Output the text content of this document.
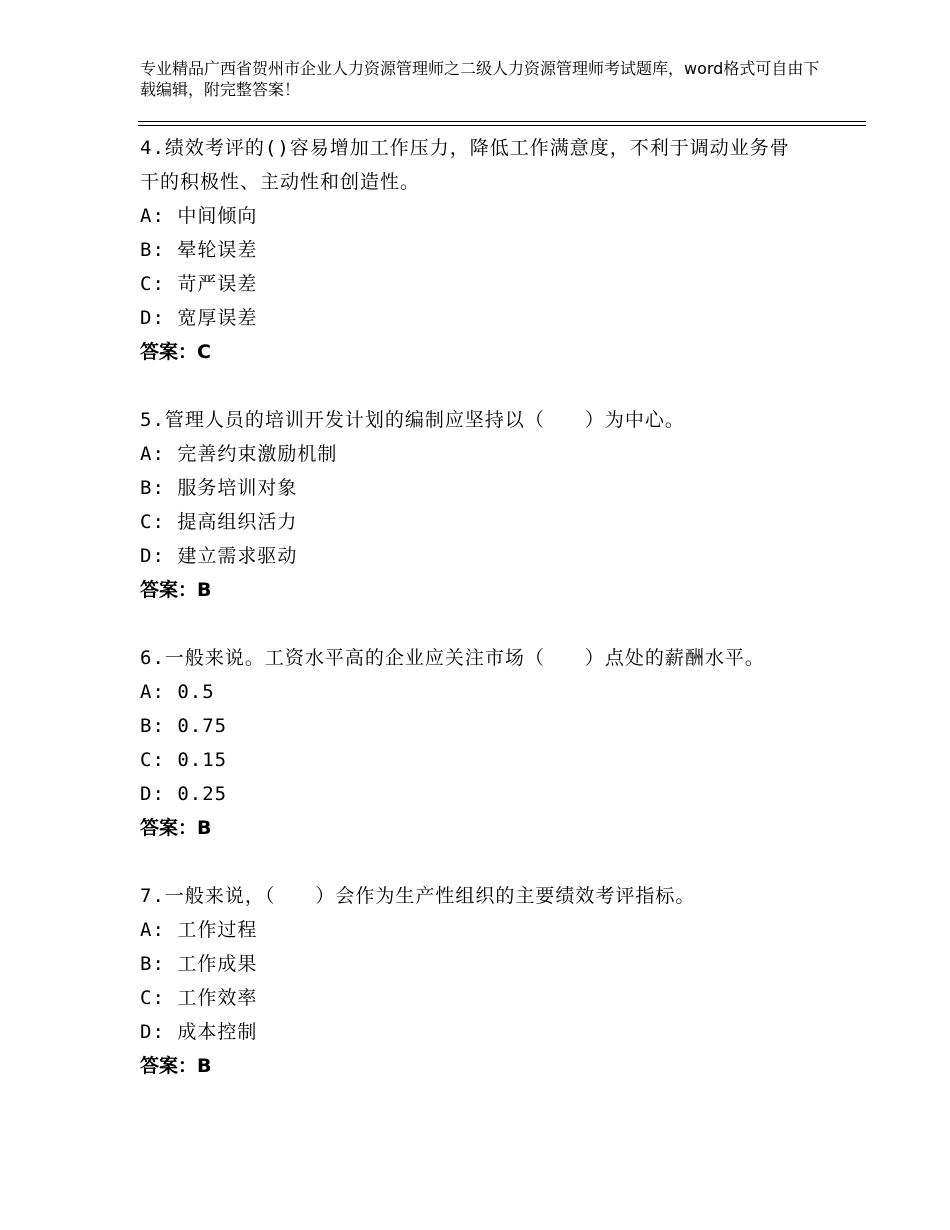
专业精品广西省贺州市企业人力资源管理师之二级人力资源管理师考试题库，word格式可自由下载编辑，附完整答案！
4.绩效考评的()容易增加工作压力，降低工作满意度，不利于调动业务骨干的积极性、主动性和创造性。
A: 中间倾向
B: 晕轮误差
C: 苛严误差
D: 宽厚误差
答案：C
5.管理人员的培训开发计划的编制应坚持以（　　）为中心。
A: 完善约束激励机制
B: 服务培训对象
C: 提高组织活力
D: 建立需求驱动
答案：B
6.一般来说。工资水平高的企业应关注市场（　　）点处的薪酬水平。
A: 0.5
B: 0.75
C: 0.15
D: 0.25
答案：B
7.一般来说，（　　）会作为生产性组织的主要绩效考评指标。
A: 工作过程
B: 工作成果
C: 工作效率
D: 成本控制
答案：B
